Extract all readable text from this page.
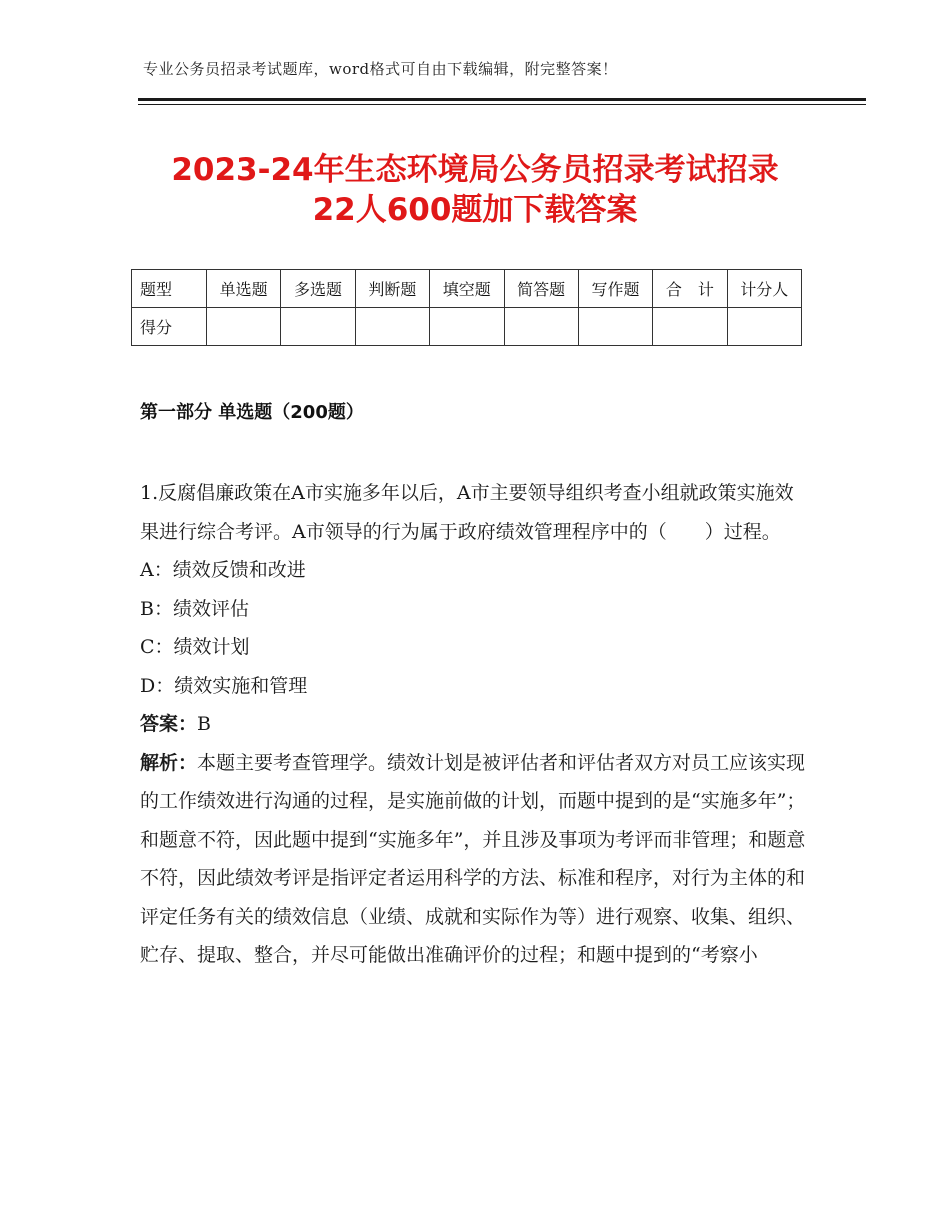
专业公务员招录考试题库，word格式可自由下载编辑，附完整答案！
2023-24年生态环境局公务员招录考试招录
22人600题加下载答案
题型	单选题	多选题	判断题	填空题	简答题	写作题	合　计	计分人
得分								
第一部分 单选题（200题）

1.反腐倡廉政策在A市实施多年以后，A市主要领导组织考查小组就政策实施效果进行综合考评。A市领导的行为属于政府绩效管理程序中的（　　）过程。

A：绩效反馈和改进

B：绩效评估

C：绩效计划

D：绩效实施和管理

答案：B

解析：本题主要考查管理学。绩效计划是被评估者和评估者双方对员工应该实现的工作绩效进行沟通的过程，是实施前做的计划，而题中提到的是“实施多年”；和题意不符，因此题中提到“实施多年”，并且涉及事项为考评而非管理；和题意不符，因此绩效考评是指评定者运用科学的方法、标准和程序，对行为主体的和评定任务有关的绩效信息（业绩、成就和实际作为等）进行观察、收集、组织、贮存、提取、整合，并尽可能做出准确评价的过程；和题中提到的“考察小
